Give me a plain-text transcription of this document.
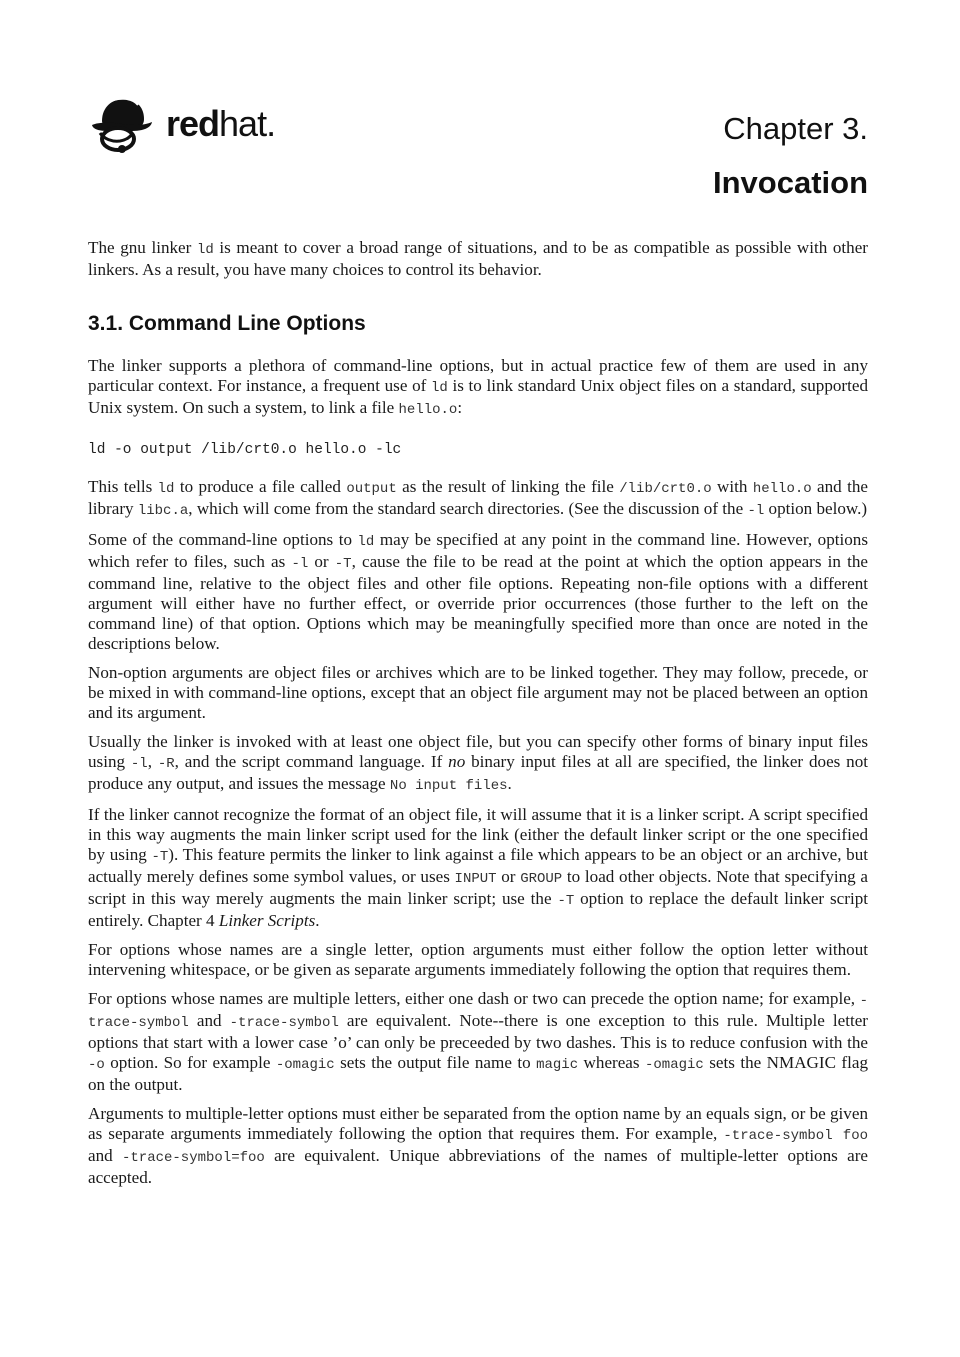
redhat.	Chapter 3.
Invocation

The gnu linker ld is meant to cover a broad range of situations, and to be as compatible as possible with other linkers. As a result, you have many choices to control its behavior.

3.1. Command Line Options

The linker supports a plethora of command-line options, but in actual practice few of them are used in any particular context. For instance, a frequent use of ld is to link standard Unix object files on a standard, supported Unix system. On such a system, to link a file hello.o:

ld -o output /lib/crt0.o hello.o -lc

This tells ld to produce a file called output as the result of linking the file /lib/crt0.o with hello.o and the library libc.a, which will come from the standard search directories. (See the discussion of the -l option below.)

Some of the command-line options to ld may be specified at any point in the command line. However, options which refer to files, such as -l or -T, cause the file to be read at the point at which the option appears in the command line, relative to the object files and other file options. Repeating non-file options with a different argument will either have no further effect, or override prior occurrences (those further to the left on the command line) of that option. Options which may be meaningfully specified more than once are noted in the descriptions below.

Non-option arguments are object files or archives which are to be linked together. They may follow, precede, or be mixed in with command-line options, except that an object file argument may not be placed between an option and its argument.

Usually the linker is invoked with at least one object file, but you can specify other forms of binary input files using -l, -R, and the script command language. If no binary input files at all are specified, the linker does not produce any output, and issues the message No input files.

If the linker cannot recognize the format of an object file, it will assume that it is a linker script. A script specified in this way augments the main linker script used for the link (either the default linker script or the one specified by using -T). This feature permits the linker to link against a file which appears to be an object or an archive, but actually merely defines some symbol values, or uses INPUT or GROUP to load other objects. Note that specifying a script in this way merely augments the main linker script; use the -T option to replace the default linker script entirely. Chapter 4 Linker Scripts.

For options whose names are a single letter, option arguments must either follow the option letter without intervening whitespace, or be given as separate arguments immediately following the option that requires them.

For options whose names are multiple letters, either one dash or two can precede the option name; for example, -trace-symbol and -trace-symbol are equivalent. Note--there is one exception to this rule. Multiple letter options that start with a lower case ’o’ can only be preceeded by two dashes. This is to reduce confusion with the -o option. So for example -omagic sets the output file name to magic whereas -omagic sets the NMAGIC flag on the output.

Arguments to multiple-letter options must either be separated from the option name by an equals sign, or be given as separate arguments immediately following the option that requires them. For example, -trace-symbol foo and -trace-symbol=foo are equivalent. Unique abbreviations of the names of multiple-letter options are accepted.
